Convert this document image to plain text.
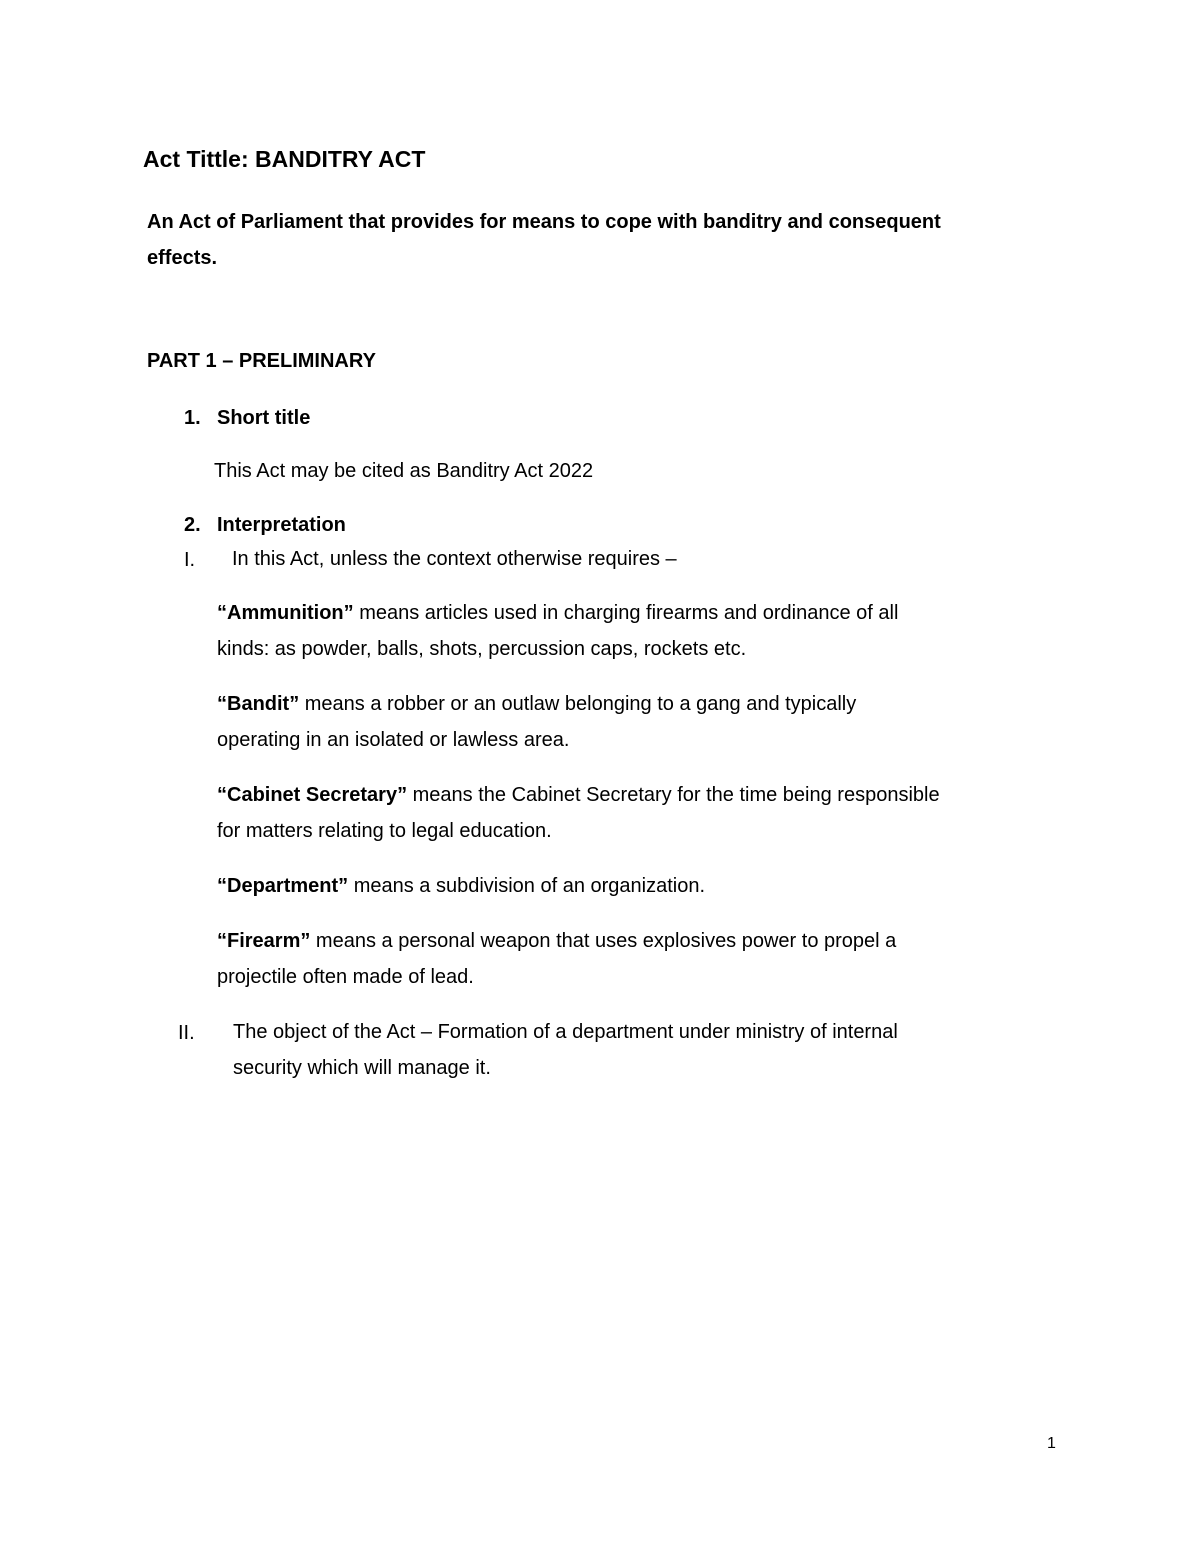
Act Tittle: BANDITRY ACT
An Act of Parliament that provides for means to cope with banditry and consequent
effects.
PART 1 – PRELIMINARY
1. Short title
This Act may be cited as Banditry Act 2022
2. Interpretation
I. In this Act, unless the context otherwise requires –
“Ammunition” means articles used in charging firearms and ordinance of all
kinds: as powder, balls, shots, percussion caps, rockets etc.
“Bandit” means a robber or an outlaw belonging to a gang and typically
operating in an isolated or lawless area.
“Cabinet Secretary” means the Cabinet Secretary for the time being responsible
for matters relating to legal education.
“Department” means a subdivision of an organization.
“Firearm” means a personal weapon that uses explosives power to propel a
projectile often made of lead.
II. The object of the Act – Formation of a department under ministry of internal
security which will manage it.
1
